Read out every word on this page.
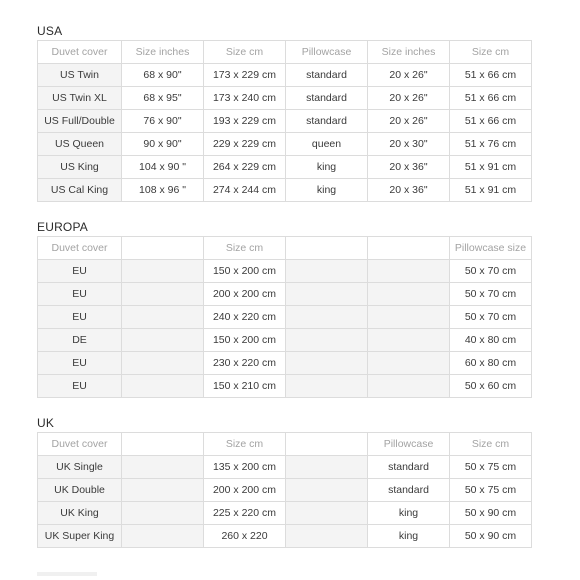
USA
Duvet cover	Size inches	Size cm	Pillowcase	Size inches	Size cm
US Twin	68 x 90"	173 x 229 cm	standard	20 x 26"	51 x 66 cm
US Twin XL	68 x 95"	173 x 240 cm	standard	20 x 26"	51 x 66 cm
US Full/Double	76 x 90"	193 x 229 cm	standard	20 x 26"	51 x 66 cm
US Queen	90 x 90"	229 x 229 cm	queen	20 x 30"	51 x 76 cm
US King	104 x 90 "	264 x 229 cm	king	20 x 36"	51 x 91 cm
US Cal King	108 x 96 "	274 x 244 cm	king	20 x 36"	51 x 91 cm
EUROPA
Duvet cover		Size cm			Pillowcase size
EU		150 x 200 cm			50 x 70 cm
EU		200 x 200 cm			50 x 70 cm
EU		240 x 220 cm			50 x 70 cm
DE		150 x 200 cm			40 x 80 cm
EU		230 x 220 cm			60 x 80 cm
EU		150 x 210 cm			50 x 60 cm
UK
Duvet cover		Size cm		Pillowcase	Size cm
UK Single		135 x 200 cm		standard	50 x 75 cm
UK Double		200 x 200 cm		standard	50 x 75 cm
UK King		225 x 220 cm		king	50 x 90 cm
UK Super King		260 x 220		king	50 x 90 cm
